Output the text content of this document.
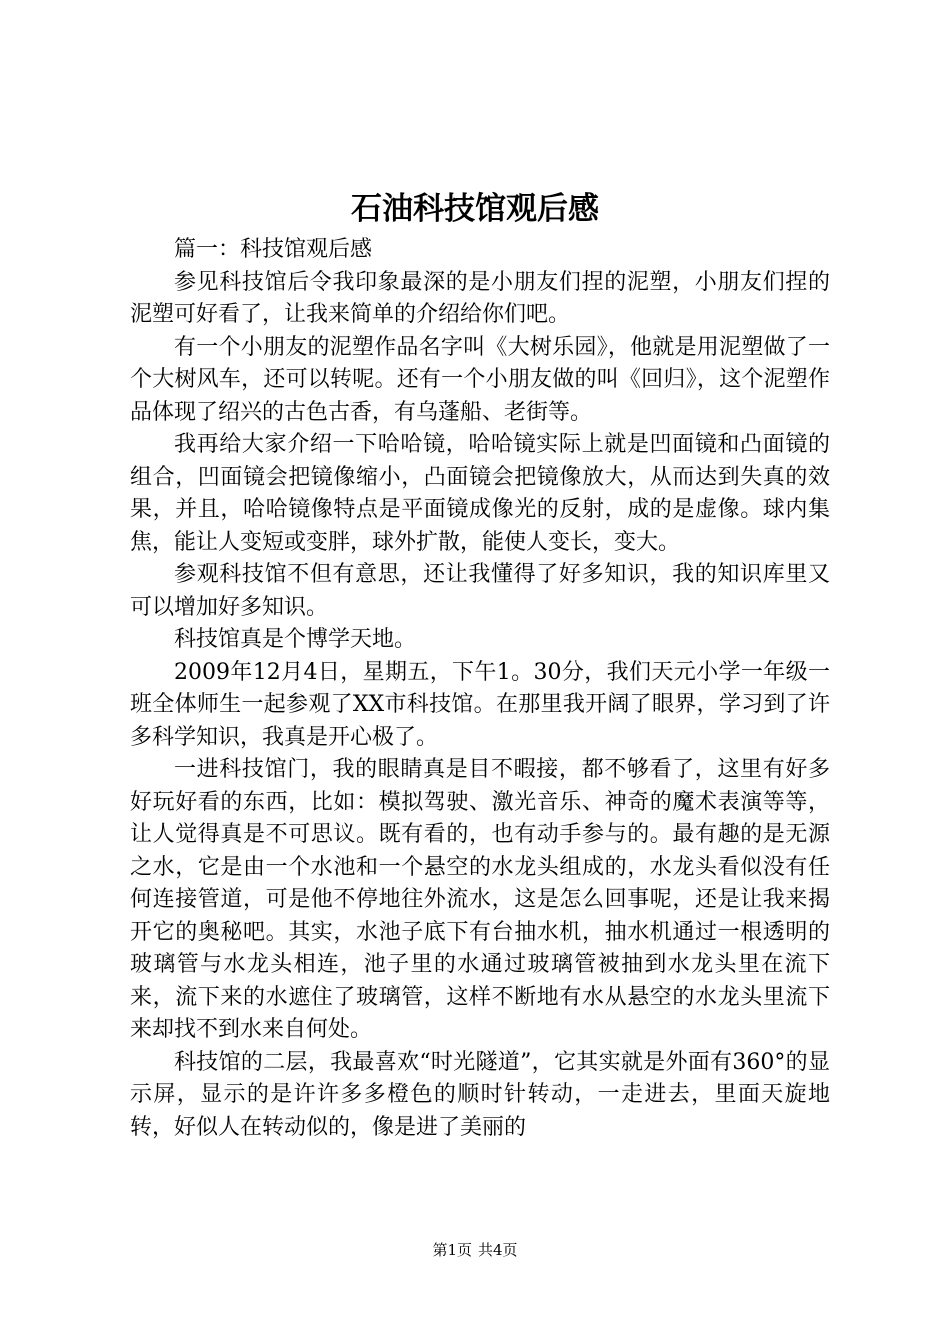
石油科技馆观后感

篇一：科技馆观后感

参见科技馆后令我印象最深的是小朋友们捏的泥塑，小朋友们捏的泥塑可好看了，让我来简单的介绍给你们吧。

有一个小朋友的泥塑作品名字叫《大树乐园》，他就是用泥塑做了一个大树风车，还可以转呢。还有一个小朋友做的叫《回归》，这个泥塑作品体现了绍兴的古色古香，有乌蓬船、老街等。

我再给大家介绍一下哈哈镜，哈哈镜实际上就是凹面镜和凸面镜的组合，凹面镜会把镜像缩小，凸面镜会把镜像放大，从而达到失真的效果，并且，哈哈镜像特点是平面镜成像光的反射，成的是虚像。球内集焦，能让人变短或变胖，球外扩散，能使人变长，变大。

参观科技馆不但有意思，还让我懂得了好多知识，我的知识库里又可以增加好多知识。

科技馆真是个博学天地。

2009年12月4日，星期五，下午1。30分，我们天元小学一年级一班全体师生一起参观了XX市科技馆。在那里我开阔了眼界，学习到了许多科学知识，我真是开心极了。

一进科技馆门，我的眼睛真是目不暇接，都不够看了，这里有好多好玩好看的东西，比如：模拟驾驶、激光音乐、神奇的魔术表演等等，让人觉得真是不可思议。既有看的，也有动手参与的。最有趣的是无源之水，它是由一个水池和一个悬空的水龙头组成的，水龙头看似没有任何连接管道，可是他不停地往外流水，这是怎么回事呢，还是让我来揭开它的奥秘吧。其实，水池子底下有台抽水机，抽水机通过一根透明的玻璃管与水龙头相连，池子里的水通过玻璃管被抽到水龙头里在流下来，流下来的水遮住了玻璃管，这样不断地有水从悬空的水龙头里流下来却找不到水来自何处。

科技馆的二层，我最喜欢“时光隧道”，它其实就是外面有360°的显示屏，显示的是许许多多橙色的顺时针转动，一走进去，里面天旋地转，好似人在转动似的，像是进了美丽的

第1页 共4页
